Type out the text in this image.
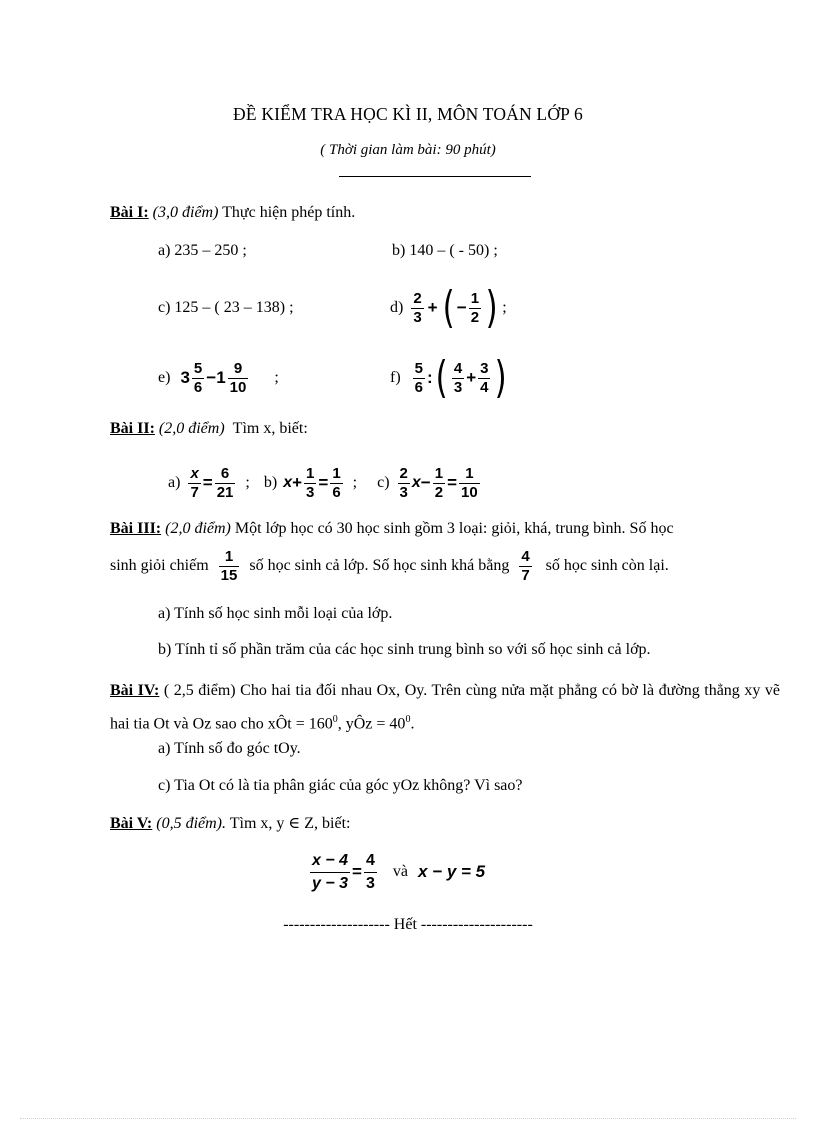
ĐỀ KIỂM TRA HỌC KÌ II, MÔN TOÁN LỚP 6
( Thời gian làm bài: 90 phút)
Bài I: (3,0 điểm) Thực hiện phép tính.
a) 235 – 250 ;	b) 140 – ( - 50) ;
c) 125 – ( 23 – 138) ;	$d) \frac{2}{3}$ + ( − $\frac{1}{2}$ ) ;
e) $3 \frac{5}{6} - 1 \frac{9}{10}$ ;	$f) \frac{5}{6}$ : ( $\frac{4}{3} + \frac{3}{4}$ )
Bài II: (2,0 điểm) Tìm x, biết:
$a) \frac{x}{7} = \frac{6}{21}$ ; b) $x + \frac{1}{3} = \frac{1}{6}$ ; $c) \frac{2}{3}$ $x - \frac{1}{2} = \frac{1}{10}$
Bài III: (2,0 điểm) Một lớp học có 30 học sinh gồm 3 loại: giỏi, khá, trung bình. Số học
sinh giỏi chiếm $\frac{1}{15}$ số học sinh cả lớp. Số học sinh khá bằng $\frac{4}{7}$ số học sinh còn lại.
a) Tính số học sinh mỗi loại của lớp.
b) Tính tỉ số phần trăm của các học sinh trung bình so với số học sinh cả lớp.
Bài IV: ( 2,5 điểm) Cho hai tia đối nhau Ox, Oy. Trên cùng nửa mặt phẳng có bờ là đường thẳng xy vẽ hai tia Ot và Oz sao cho xÔt = $160^0$, yÔz = $40^0$.
a) Tính số đo góc tOy.
c) Tia Ot có là tia phân giác của góc yOz không? Vì sao?
Bài V: (0,5 điểm). Tìm x, y ∈ Z, biết:
$\frac{x - 4}{y - 3} = \frac{4}{3}$ và x − y = 5
-------------------- Hết ---------------------
